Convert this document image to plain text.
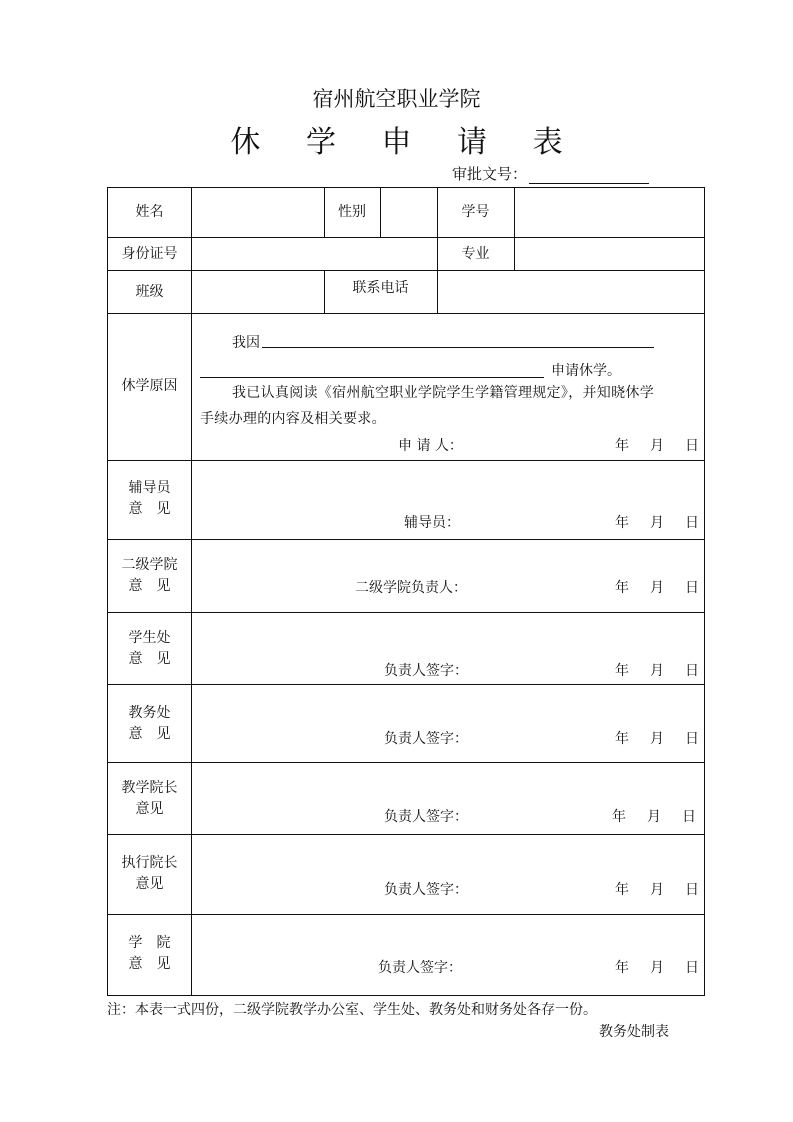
宿州航空职业学院
休 学 申 请 表
审批文号：
姓名	性别	学号
身份证号	专业
班级	联系电话
休学原因
我因
申请休学。
我已认真阅读《宿州航空职业学院学生学籍管理规定》，并知晓休学
手续办理的内容及相关要求。
申 请 人：	年 月 日
辅导员
意　见
辅导员：	年 月 日
二级学院
意　见	二级学院负责人：	年 月 日
学生处
意　见
负责人签字：	年 月 日
教务处
意　见	负责人签字：	年 月 日
教学院长
意见	负责人签字：	年 月 日
执行院长
意见	负责人签字：	年 月 日
学　院
意　见	负责人签字：	年 月 日
注：本表一式四份，二级学院教学办公室、学生处、教务处和财务处各存一份。
教务处制表
